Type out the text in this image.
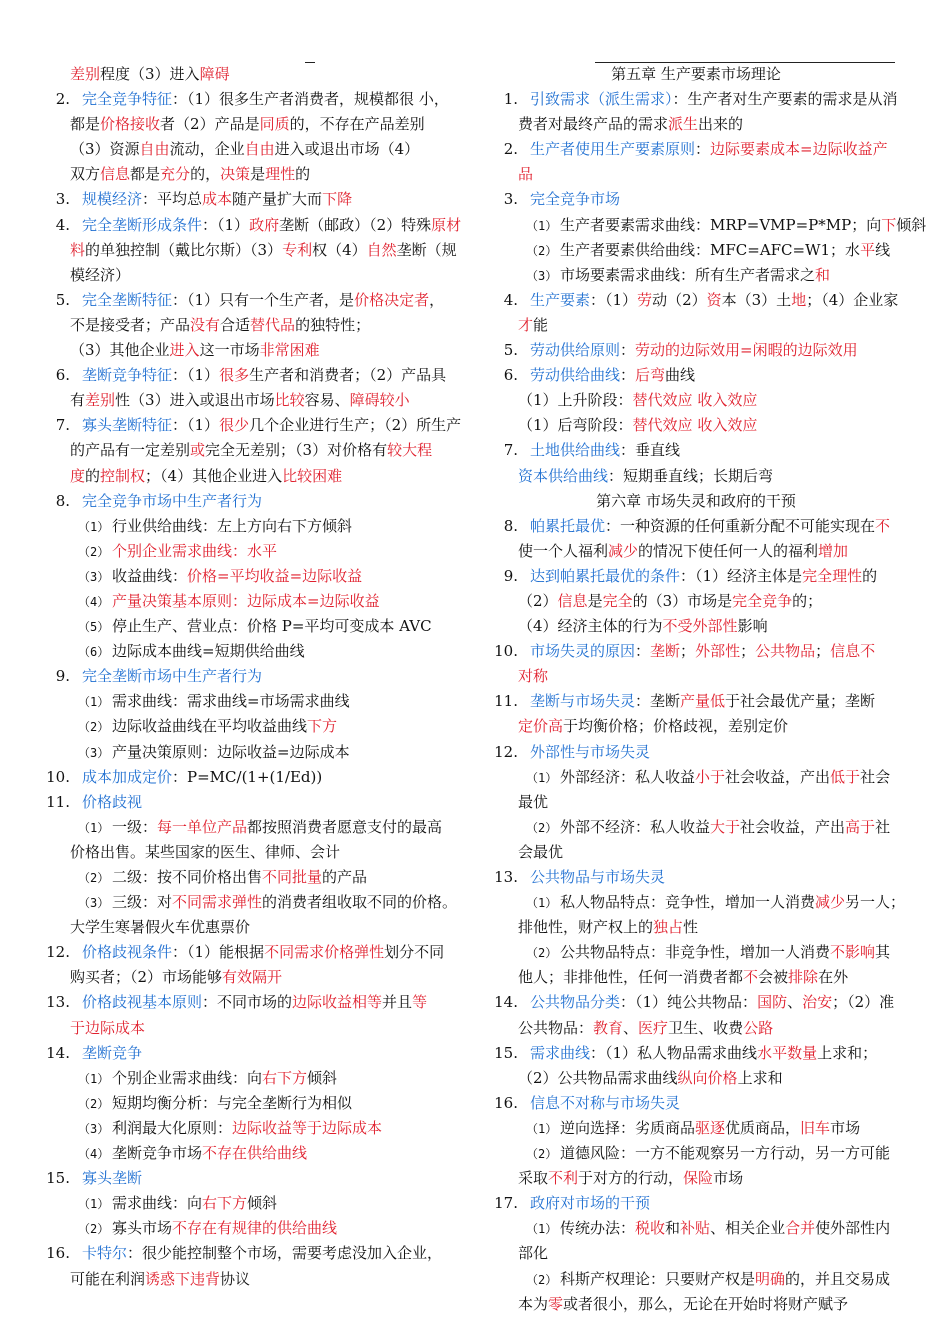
差别程度（3）进入障碍
2. 完全竞争特征：（1）很多生产者消费者，规模都很 小，
都是价格接收者（2）产品是同质的，不存在产品差别
（3）资源自由流动，企业自由进入或退出市场（4）
双方信息都是充分的，决策是理性的
3. 规模经济：平均总成本随产量扩大而下降
4. 完全垄断形成条件：（1）政府垄断（邮政）（2）特殊原材
料的单独控制（戴比尔斯）（3）专利权（4）自然垄断（规
模经济）
5. 完全垄断特征：（1）只有一个生产者，是价格决定者，
不是接受者；产品没有合适替代品的独特性；
（3）其他企业进入这一市场非常困难
6. 垄断竞争特征：（1）很多生产者和消费者；（2）产品具
有差别性（3）进入或退出市场比较容易、障碍较小
7. 寡头垄断特征：（1）很少几个企业进行生产；（2）所生产
的产品有一定差别或完全无差别；（3）对价格有较大程
度的控制权；（4）其他企业进入比较困难
8. 完全竞争市场中生产者行为
（1） 行业供给曲线：左上方向右下方倾斜
（2） 个别企业需求曲线：水平
（3） 收益曲线：价格=平均收益=边际收益
（4） 产量决策基本原则：边际成本=边际收益
（5） 停止生产、营业点：价格 P=平均可变成本 AVC
（6） 边际成本曲线=短期供给曲线
9. 完全垄断市场中生产者行为
（1） 需求曲线：需求曲线=市场需求曲线
（2） 边际收益曲线在平均收益曲线下方
（3） 产量决策原则：边际收益=边际成本
10. 成本加成定价：P=MC/(1+(1/Ed))
11. 价格歧视
（1） 一级：每一单位产品都按照消费者愿意支付的最高
价格出售。某些国家的医生、律师、会计
（2） 二级：按不同价格出售不同批量的产品
（3） 三级：对不同需求弹性的消费者组收取不同的价格。
大学生寒暑假火车优惠票价
12. 价格歧视条件：（1）能根据不同需求价格弹性划分不同
购买者；（2）市场能够有效隔开
13. 价格歧视基本原则：不同市场的边际收益相等并且等
于边际成本
14. 垄断竞争
（1） 个别企业需求曲线：向右下方倾斜
（2） 短期均衡分析：与完全垄断行为相似
（3） 利润最大化原则：边际收益等于边际成本
（4） 垄断竞争市场不存在供给曲线
15. 寡头垄断
（1） 需求曲线：向右下方倾斜
（2） 寡头市场不存在有规律的供给曲线
16. 卡特尔：很少能控制整个市场，需要考虑没加入企业，
可能在利润诱惑下违背协议
第五章 生产要素市场理论
1. 引致需求（派生需求）：生产者对生产要素的需求是从消
费者对最终产品的需求派生出来的
2. 生产者使用生产要素原则：边际要素成本=边际收益产
品
3. 完全竞争市场
（1） 生产者要素需求曲线：MRP=VMP=P*MP；向下倾斜
（2） 生产者要素供给曲线：MFC=AFC=W1；水平线
（3） 市场要素需求曲线：所有生产者需求之和
4. 生产要素：（1）劳动（2）资本（3）土地；（4）企业家
才能
5. 劳动供给原则：劳动的边际效用=闲暇的边际效用
6. 劳动供给曲线：后弯曲线
（1）上升阶段：替代效应 收入效应
（1）后弯阶段：替代效应 收入效应
7. 土地供给曲线：垂直线
资本供给曲线：短期垂直线；长期后弯
第六章 市场失灵和政府的干预
8. 帕累托最优：一种资源的任何重新分配不可能实现在不
使一个人福利减少的情况下使任何一人的福利增加
9. 达到帕累托最优的条件：（1）经济主体是完全理性的
（2）信息是完全的（3）市场是完全竞争的；
（4）经济主体的行为不受外部性影响
10. 市场失灵的原因：垄断；外部性；公共物品；信息不
对称
11. 垄断与市场失灵：垄断产量低于社会最优产量；垄断
定价高于均衡价格；价格歧视，差别定价
12. 外部性与市场失灵
（1） 外部经济：私人收益小于社会收益，产出低于社会
最优
（2） 外部不经济：私人收益大于社会收益，产出高于社
会最优
13. 公共物品与市场失灵
（1） 私人物品特点：竞争性，增加一人消费减少另一人；
排他性，财产权上的独占性
（2） 公共物品特点：非竞争性，增加一人消费不影响其
他人；非排他性，任何一消费者都不会被排除在外
14. 公共物品分类：（1）纯公共物品：国防、治安；（2）准
公共物品：教育、医疗卫生、收费公路
15. 需求曲线：（1）私人物品需求曲线水平数量上求和；
（2）公共物品需求曲线纵向价格上求和
16. 信息不对称与市场失灵
（1） 逆向选择：劣质商品驱逐优质商品，旧车市场
（2） 道德风险：一方不能观察另一方行动，另一方可能
采取不利于对方的行动，保险市场
17. 政府对市场的干预
（1） 传统办法：税收和补贴、相关企业合并使外部性内
部化
（2） 科斯产权理论：只要财产权是明确的，并且交易成
本为零或者很小，那么，无论在开始时将财产赋予
